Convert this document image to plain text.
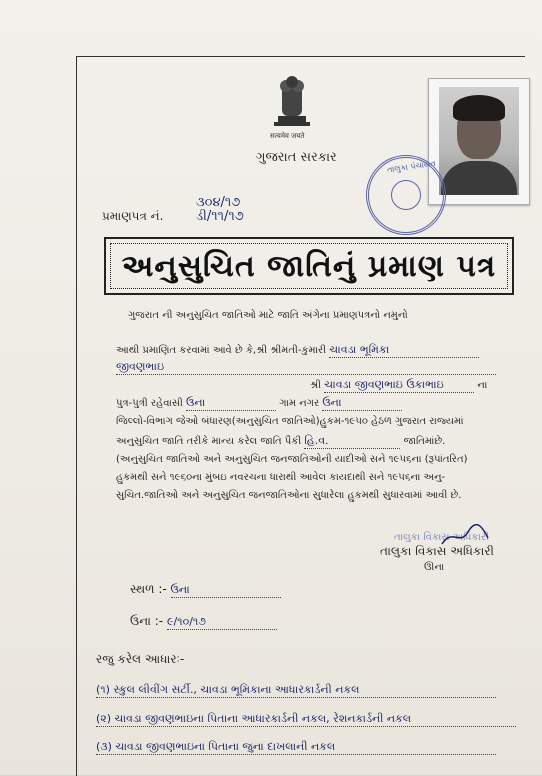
सत्यमेव जयते
ગુજરાત સરકાર
તાલુકા પંચાયત
પ્રમાણપત્ર નં.
૩૦૪/૧૭
ડી/૧૧/૧૭
અનુસુચિત જાતિનું પ્રમાણ પત્ર
ગુજરાત ની અનુસુચિત જાતિઓ માટે જાતિ અંગેના પ્રમાણપત્રનો નમુનો
આથી પ્રમાણિત કરવામાં આવે છે કે,શ્રી શ્રીમતી-કુમારી ચાવડા ભૂમિકા
જીવણભાઇ
શ્રી ચાવડા જીવણભાઇ ઉકાભાઇ	ના
પુત્ર-પુત્રી રહેવાસી ઉના	ગામ નગર ઉના
જિલ્લો-વિભાગ જેઓ બંધારણ(અનુસુચિત જાતિઓ)હુકમ-૧૯૫૦ હેઠળ ગુજરાત રાજ્યમાં
અનુસુચિત જાતિ તરીકે માન્ય કરેલ જાતિ પૈકી હિ.વ.	જાતિમાંછે.
(અનુસુચિત જાતિઓ અને અનુસુચિત જનજાતિઓની યાદીઓ સને ૧૯૫૬ના (રૂપાંતરિત)
હુકમથી સને ૧૯૬૦ના મુંબઇ નવરચના ધારાથી આવેલ કાયદાથી સને ૧૯૫૬ના અનુ-
સુચિત.જાતિઓ અને અનુસુચિત જનજાતિઓના સુધારેલા હુકમથી સુધારવામાં આવી છે.
તાલુકા વિકાસ અધિકારી
તાલુકા વિકાસ અધિકારી
ઊના
સ્થળ :- ઉના
ઉના :- ૯/૧૦/૧૭
રજુ કરેલ આધારઃ-
(૧) સ્કુલ લીવીંગ સર્ટી., ચાવડા ભૂમિકાના આધારકાર્ડની નકલ
(૨) ચાવડા જીવણભાઇના પિતાના આધારકાર્ડની નકલ, રેશનકાર્ડની નકલ
(૩) ચાવડા જીવણભાઇના પિતાના જુના દાખલાની નકલ
